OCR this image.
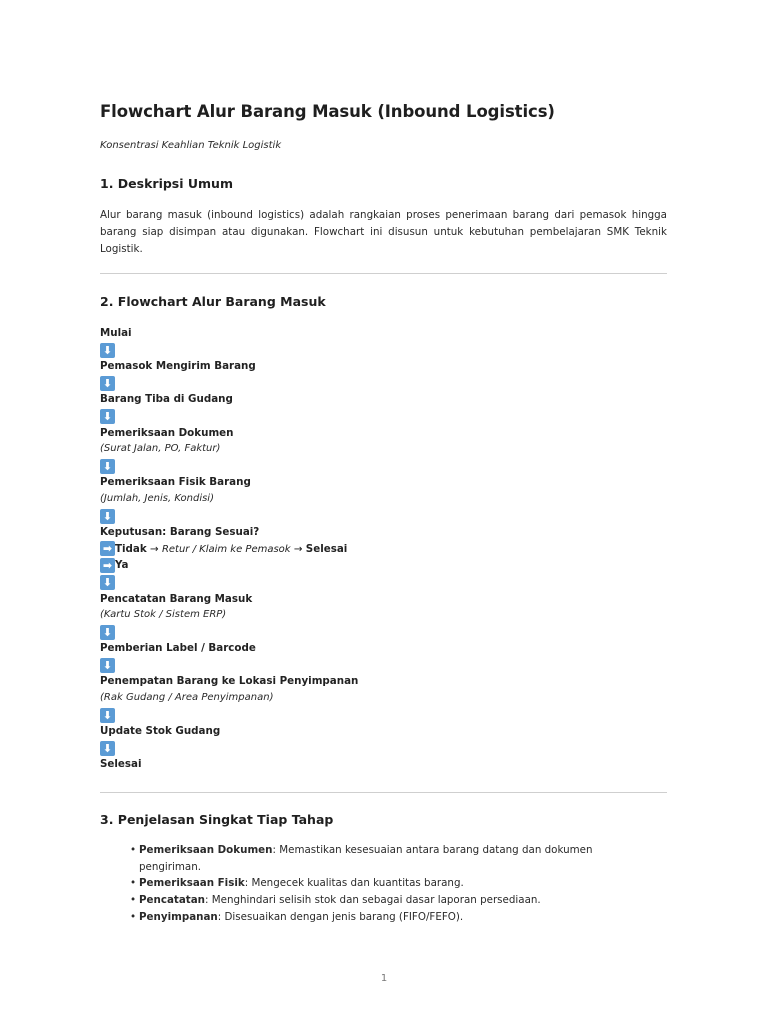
Flowchart Alur Barang Masuk (Inbound Logistics)
Konsentrasi Keahlian Teknik Logistik
1. Deskripsi Umum
Alur barang masuk (inbound logistics) adalah rangkaian proses penerimaan barang dari pemasok hingga barang siap disimpan atau digunakan. Flowchart ini disusun untuk kebutuhan pembelajaran SMK Teknik Logistik.
2. Flowchart Alur Barang Masuk
Mulai
⬇
Pemasok Mengirim Barang
⬇
Barang Tiba di Gudang
⬇
Pemeriksaan Dokumen
(Surat Jalan, PO, Faktur)
⬇
Pemeriksaan Fisik Barang
(Jumlah, Jenis, Kondisi)
⬇
Keputusan: Barang Sesuai?
➡ Tidak → Retur / Klaim ke Pemasok → Selesai
➡ Ya
⬇
Pencatatan Barang Masuk
(Kartu Stok / Sistem ERP)
⬇
Pemberian Label / Barcode
⬇
Penempatan Barang ke Lokasi Penyimpanan
(Rak Gudang / Area Penyimpanan)
⬇
Update Stok Gudang
⬇
Selesai
3. Penjelasan Singkat Tiap Tahap
• Pemeriksaan Dokumen: Memastikan kesesuaian antara barang datang dan dokumen pengiriman.
• Pemeriksaan Fisik: Mengecek kualitas dan kuantitas barang.
• Pencatatan: Menghindari selisih stok dan sebagai dasar laporan persediaan.
• Penyimpanan: Disesuaikan dengan jenis barang (FIFO/FEFO).
1
